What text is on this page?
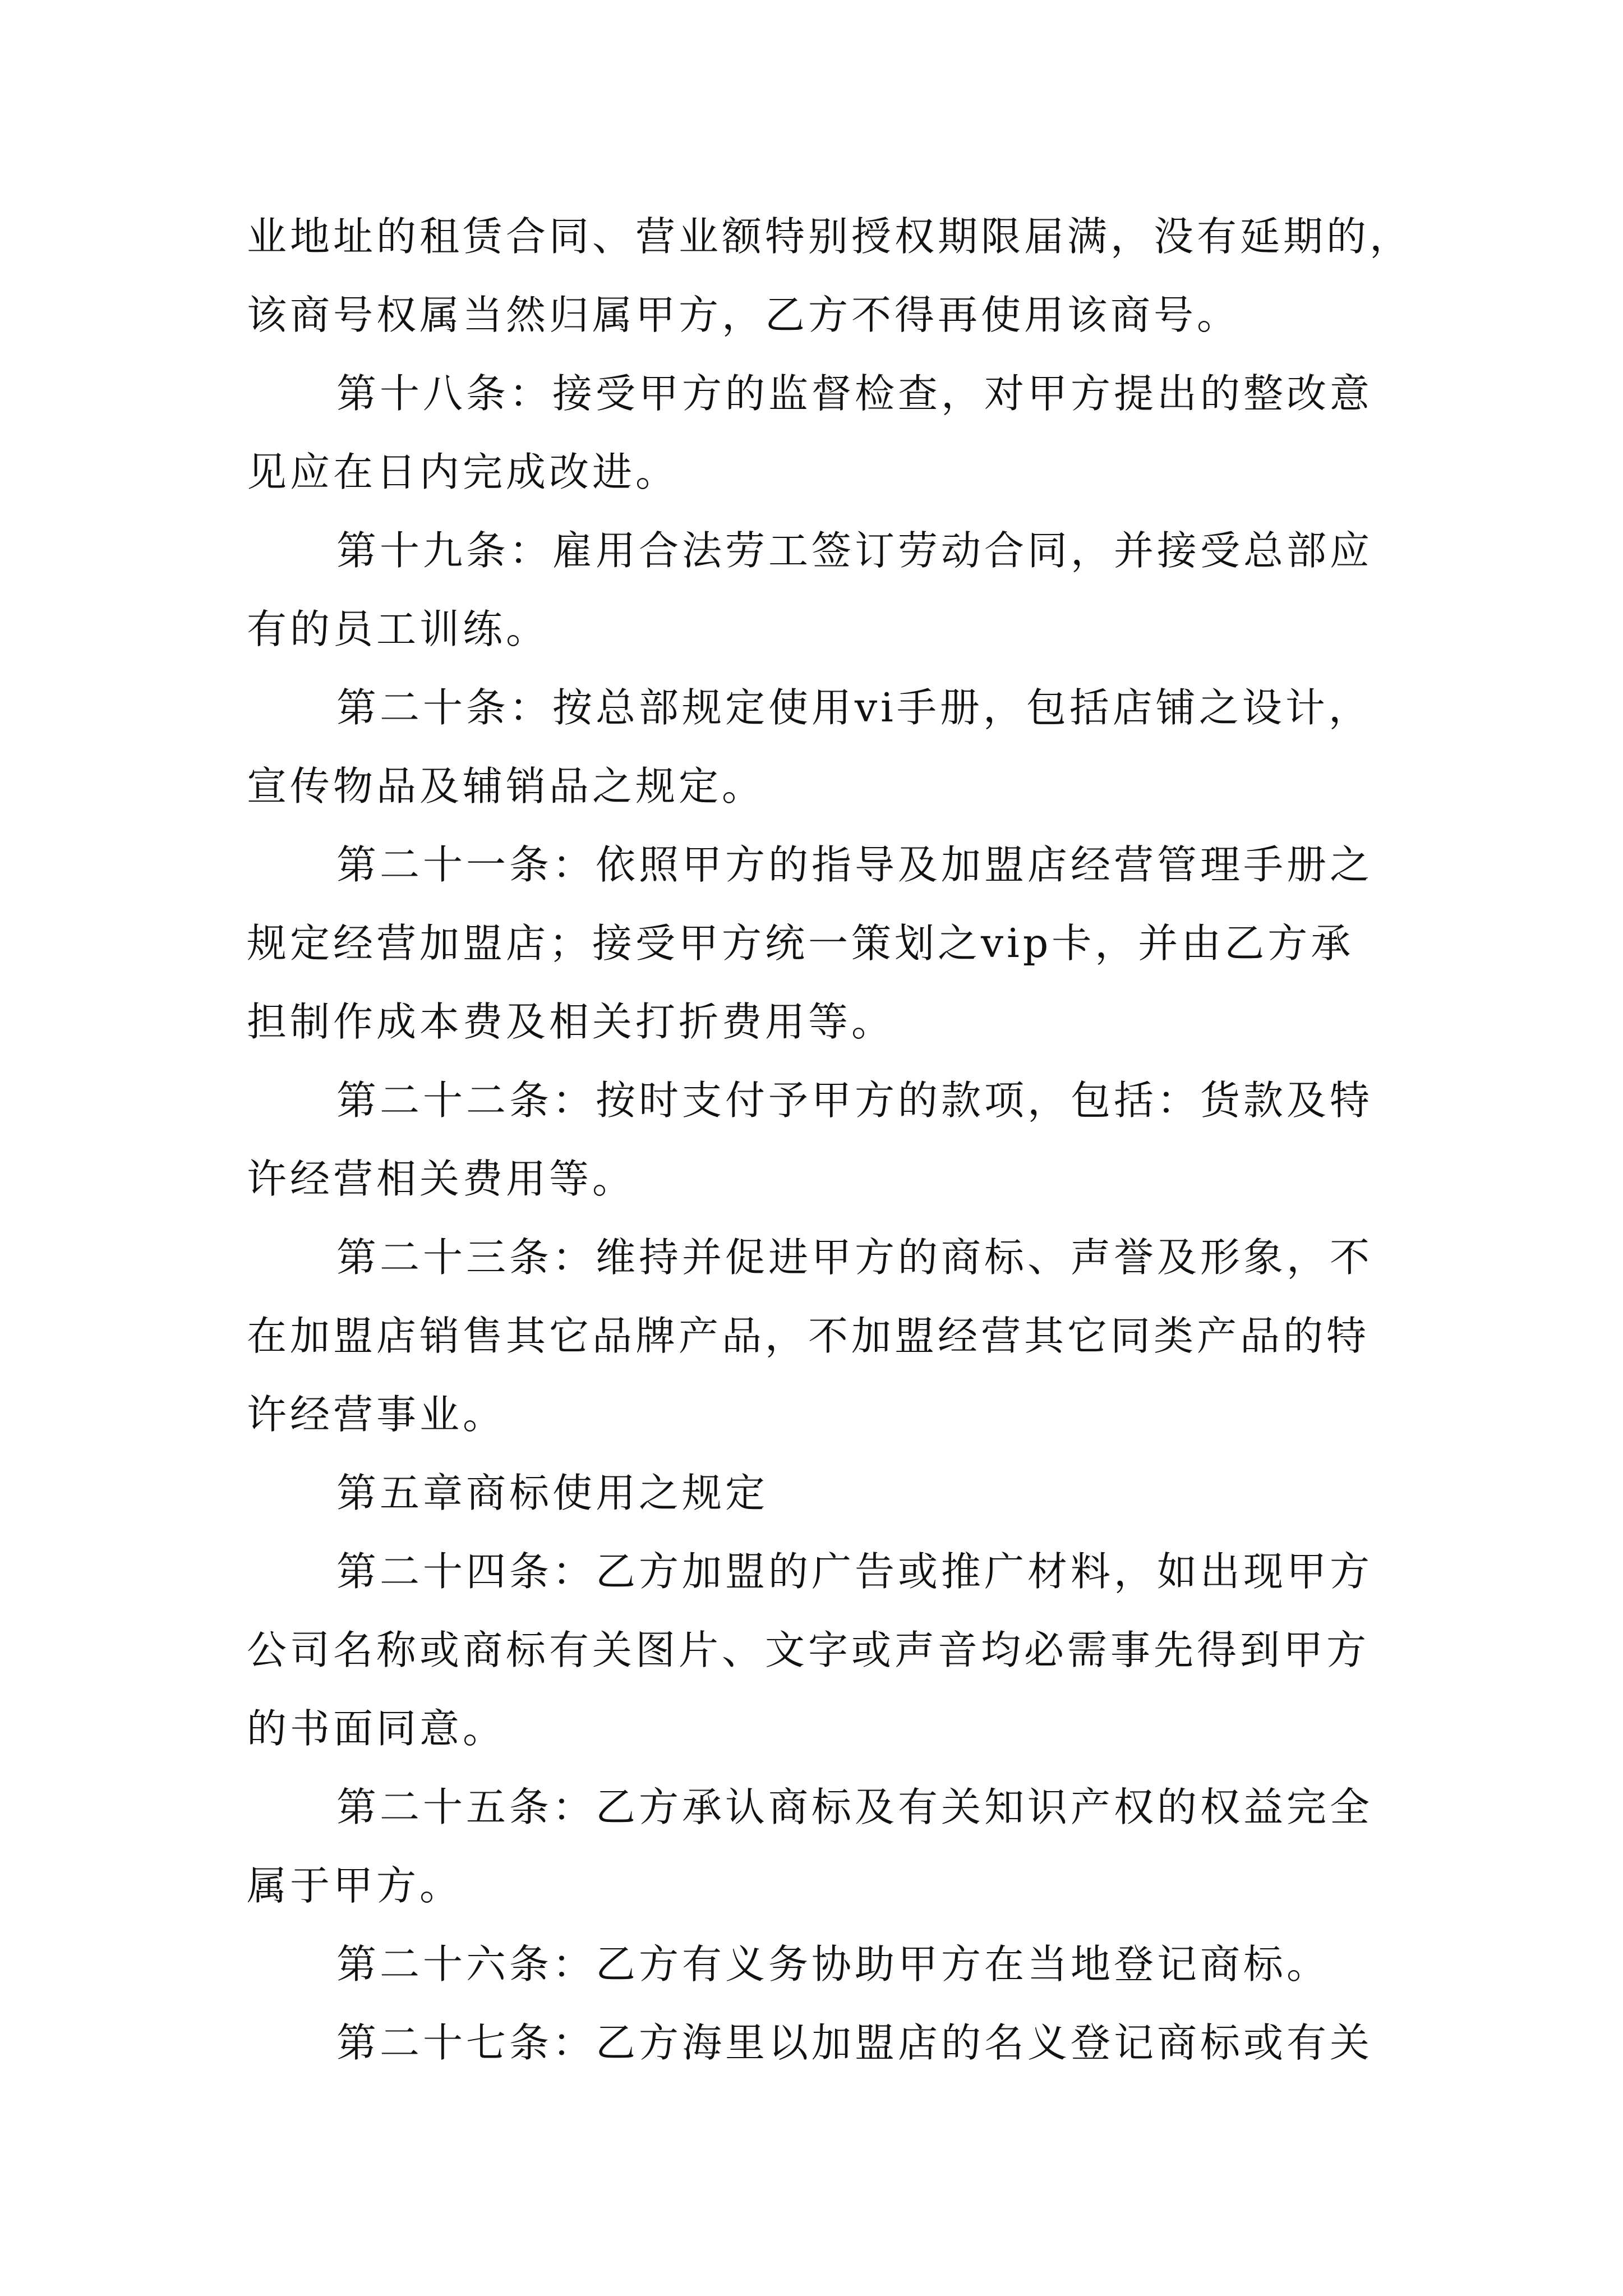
业地址的租赁合同、营业额特别授权期限届满，没有延期的，
该商号权属当然归属甲方，乙方不得再使用该商号。
第十八条：接受甲方的监督检查，对甲方提出的整改意
见应在日内完成改进。
第十九条：雇用合法劳工签订劳动合同，并接受总部应
有的员工训练。
第二十条：按总部规定使用vi手册，包括店铺之设计，
宣传物品及辅销品之规定。
第二十一条：依照甲方的指导及加盟店经营管理手册之
规定经营加盟店；接受甲方统一策划之vip卡，并由乙方承
担制作成本费及相关打折费用等。
第二十二条：按时支付予甲方的款项，包括：货款及特
许经营相关费用等。
第二十三条：维持并促进甲方的商标、声誉及形象，不
在加盟店销售其它品牌产品，不加盟经营其它同类产品的特
许经营事业。
第五章商标使用之规定
第二十四条：乙方加盟的广告或推广材料，如出现甲方
公司名称或商标有关图片、文字或声音均必需事先得到甲方
的书面同意。
第二十五条：乙方承认商标及有关知识产权的权益完全
属于甲方。
第二十六条：乙方有义务协助甲方在当地登记商标。
第二十七条：乙方海里以加盟店的名义登记商标或有关
